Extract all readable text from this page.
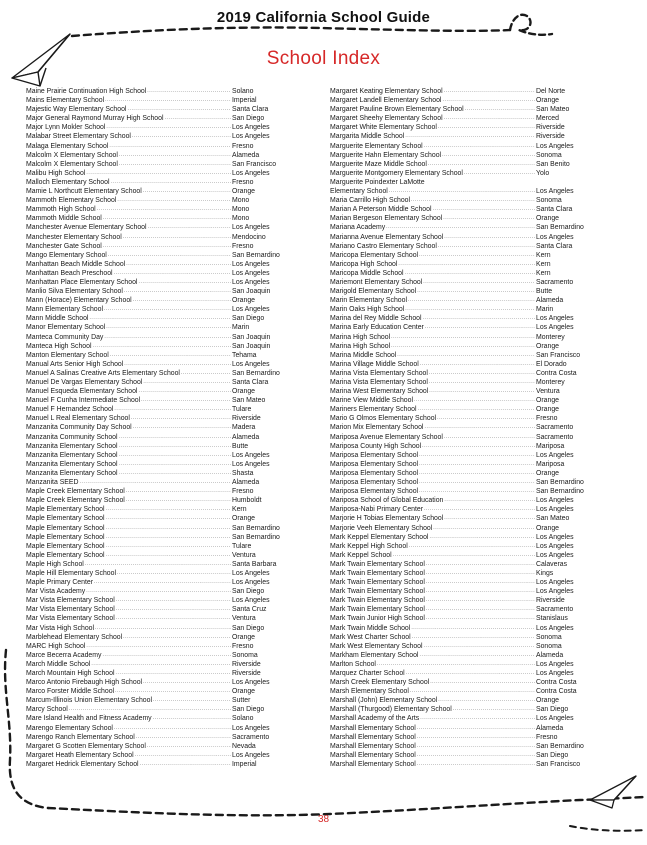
2019 California School Guide
School Index
Maine Prairie Continuation High School .....	Solano
Mains Elementary School .....	Imperial
Majestic Way Elementary School .....	Santa Clara
Major General Raymond Murray High School .....	San Diego
Major Lynn Mokler School .....	Los Angeles
Malabar Street Elementary School .....	Los Angeles
Malaga Elementary School .....	Fresno
Malcolm X Elementary School .....	Alameda
Malcolm X Elementary School .....	San Francisco
Malibu High School .....	Los Angeles
Malloch Elementary School .....	Fresno
Mamie L Northcutt Elementary School .....	Orange
Mammoth Elementary School .....	Mono
Mammoth High School .....	Mono
Mammoth Middle School .....	Mono
Manchester Avenue Elementary School .....	Los Angeles
Manchester Elementary School .....	Mendocino
Manchester Gate School .....	Fresno
Mango Elementary School .....	San Bernardino
Manhattan Beach Middle School .....	Los Angeles
Manhattan Beach Preschool .....	Los Angeles
Manhattan Place Elementary School .....	Los Angeles
Manlio Silva Elementary School .....	San Joaquin
Mann (Horace) Elementary School .....	Orange
Mann Elementary School .....	Los Angeles
Mann Middle School .....	San Diego
Manor Elementary School .....	Marin
Manteca Community Day .....	San Joaquin
Manteca High School .....	San Joaquin
Manton Elementary School .....	Tehama
Manual Arts Senior High School .....	Los Angeles
Manuel A Salinas Creative Arts Elementary School .....	San Bernardino
Manuel De Vargas Elementary School .....	Santa Clara
Manuel Esqueda Elementary School .....	Orange
Manuel F Cunha Intermediate School .....	San Mateo
Manuel F Hernandez School .....	Tulare
Manuel L Real Elementary School .....	Riverside
Manzanita Community Day School .....	Madera
Manzanita Community School .....	Alameda
Manzanita Elementary School .....	Butte
Manzanita Elementary School .....	Los Angeles
Manzanita Elementary School .....	Los Angeles
Manzanita Elementary School .....	Shasta
Manzanita SEED .....	Alameda
Maple Creek Elementary School .....	Fresno
Maple Creek Elementary School .....	Humboldt
Maple Elementary School .....	Kern
Maple Elementary School .....	Orange
Maple Elementary School .....	San Bernardino
Maple Elementary School .....	San Bernardino
Maple Elementary School .....	Tulare
Maple Elementary School .....	Ventura
Maple High School .....	Santa Barbara
Maple Hill Elementary School .....	Los Angeles
Maple Primary Center .....	Los Angeles
Mar Vista Academy .....	San Diego
Mar Vista Elementary School .....	Los Angeles
Mar Vista Elementary School .....	Santa Cruz
Mar Vista Elementary School .....	Ventura
Mar Vista High School .....	San Diego
Marblehead Elementary School .....	Orange
MARC High School .....	Fresno
Marce Becerra Academy .....	Sonoma
March Middle School .....	Riverside
March Mountain High School .....	Riverside
Marco Antonio Firebaugh High School .....	Los Angeles
Marco Forster Middle School .....	Orange
Marcum-Illinois Union Elementary School .....	Sutter
Marcy School .....	San Diego
Mare Island Health and Fitness Academy .....	Solano
Marengo Elementary School .....	Los Angeles
Marengo Ranch Elementary School .....	Sacramento
Margaret G Scotten Elementary School .....	Nevada
Margaret Heath Elementary School .....	Los Angeles
Margaret Hedrick Elementary School .....	Imperial
Margaret Keating Elementary School .....	Del Norte
Margaret Landell Elementary School .....	Orange
Margaret Pauline Brown Elementary School .....	San Mateo
Margaret Sheehy Elementary School .....	Merced
Margaret White Elementary School .....	Riverside
Margarita Middle School .....	Riverside
Marguerite Elementary School .....	Los Angeles
Marguerite Hahn Elementary School .....	Sonoma
Marguerite Maze Middle School .....	San Benito
Marguerite Montgomery Elementary School .....	Yolo
Marguerite Poindexter LaMotte
Elementary School .....	Los Angeles
Maria Carrillo High School .....	Sonoma
Marian A Peterson Middle School .....	Santa Clara
Marian Bergeson Elementary School .....	Orange
Mariana Academy .....	San Bernardino
Marianna Avenue Elementary School .....	Los Angeles
Mariano Castro Elementary School .....	Santa Clara
Maricopa Elementary School .....	Kern
Maricopa High School .....	Kern
Maricopa Middle School .....	Kern
Mariemont Elementary School .....	Sacramento
Marigold Elementary School .....	Butte
Marin Elementary School .....	Alameda
Marin Oaks High School .....	Marin
Marina del Rey Middle School .....	Los Angeles
Marina Early Education Center .....	Los Angeles
Marina High School .....	Monterey
Marina High School .....	Orange
Marina Middle School .....	San Francisco
Marina Village Middle School .....	El Dorado
Marina Vista Elementary School .....	Contra Costa
Marina Vista Elementary School .....	Monterey
Marina West Elementary School .....	Ventura
Marine View Middle School .....	Orange
Mariners Elementary School .....	Orange
Mario G Olmos Elementary School .....	Fresno
Marion Mix Elementary School .....	Sacramento
Mariposa Avenue Elementary School .....	Sacramento
Mariposa County High School .....	Mariposa
Mariposa Elementary School .....	Los Angeles
Mariposa Elementary School .....	Mariposa
Mariposa Elementary School .....	Orange
Mariposa Elementary School .....	San Bernardino
Mariposa Elementary School .....	San Bernardino
Mariposa School of Global Education .....	Los Angeles
Mariposa-Nabi Primary Center .....	Los Angeles
Marjorie H Tobias Elementary School .....	San Mateo
Marjorie Veeh Elementary School .....	Orange
Mark Keppel Elementary School .....	Los Angeles
Mark Keppel High School .....	Los Angeles
Mark Keppel School .....	Los Angeles
Mark Twain Elementary School .....	Calaveras
Mark Twain Elementary School .....	Kings
Mark Twain Elementary School .....	Los Angeles
Mark Twain Elementary School .....	Los Angeles
Mark Twain Elementary School .....	Riverside
Mark Twain Elementary School .....	Sacramento
Mark Twain Junior High School .....	Stanislaus
Mark Twain Middle School .....	Los Angeles
Mark West Charter School .....	Sonoma
Mark West Elementary School .....	Sonoma
Markham Elementary School .....	Alameda
Marlton School .....	Los Angeles
Marquez Charter School .....	Los Angeles
Marsh Creek Elementary School .....	Contra Costa
Marsh Elementary School .....	Contra Costa
Marshall (John) Elementary School .....	Orange
Marshall (Thurgood) Elementary School .....	San Diego
Marshall Academy of the Arts .....	Los Angeles
Marshall Elementary School .....	Alameda
Marshall Elementary School .....	Fresno
Marshall Elementary School .....	San Bernardino
Marshall Elementary School .....	San Diego
Marshall Elementary School .....	San Francisco
38
